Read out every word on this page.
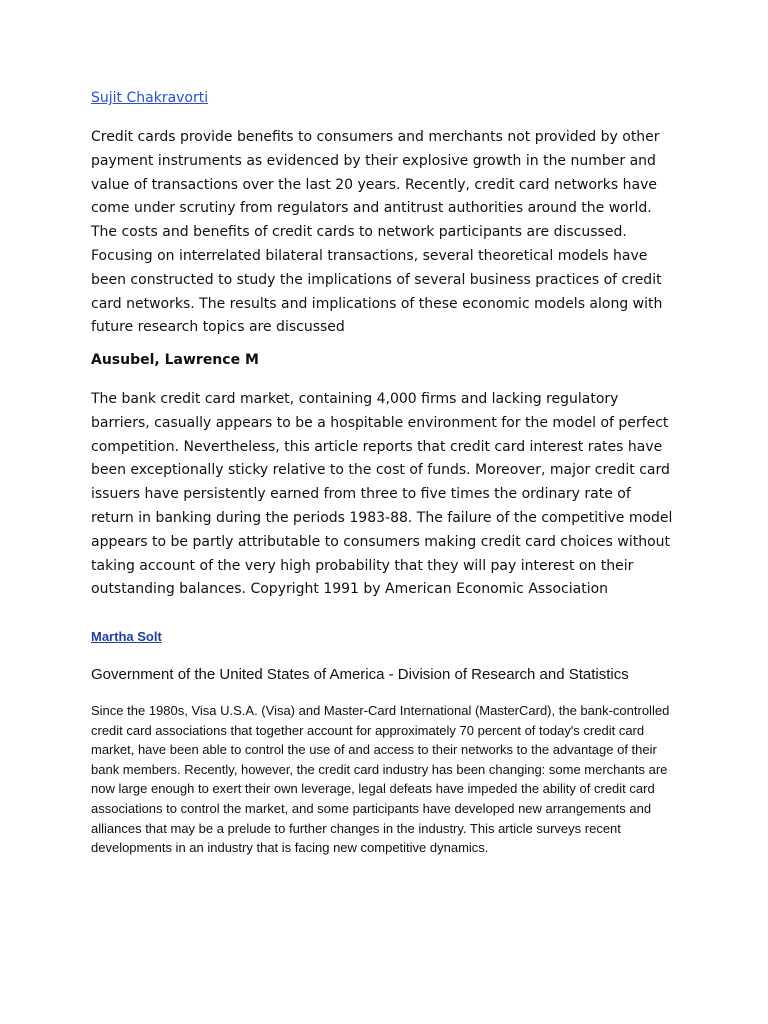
Sujit Chakravorti

Credit cards provide benefits to consumers and merchants not provided by other payment instruments as evidenced by their explosive growth in the number and value of transactions over the last 20 years. Recently, credit card networks have come under scrutiny from regulators and antitrust authorities around the world. The costs and benefits of credit cards to network participants are discussed. Focusing on interrelated bilateral transactions, several theoretical models have been constructed to study the implications of several business practices of credit card networks. The results and implications of these economic models along with future research topics are discussed

Ausubel, Lawrence M

The bank credit card market, containing 4,000 firms and lacking regulatory barriers, casually appears to be a hospitable environment for the model of perfect competition. Nevertheless, this article reports that credit card interest rates have been exceptionally sticky relative to the cost of funds. Moreover, major credit card issuers have persistently earned from three to five times the ordinary rate of return in banking during the periods 1983-88. The failure of the competitive model appears to be partly attributable to consumers making credit card choices without taking account of the very high probability that they will pay interest on their outstanding balances. Copyright 1991 by American Economic Association

Martha Solt
Government of the United States of America - Division of Research and Statistics

Since the 1980s, Visa U.S.A. (Visa) and Master-Card International (MasterCard), the bank-controlled credit card associations that together account for approximately 70 percent of today's credit card market, have been able to control the use of and access to their networks to the advantage of their bank members. Recently, however, the credit card industry has been changing: some merchants are now large enough to exert their own leverage, legal defeats have impeded the ability of credit card associations to control the market, and some participants have developed new arrangements and alliances that may be a prelude to further changes in the industry. This article surveys recent developments in an industry that is facing new competitive dynamics.
